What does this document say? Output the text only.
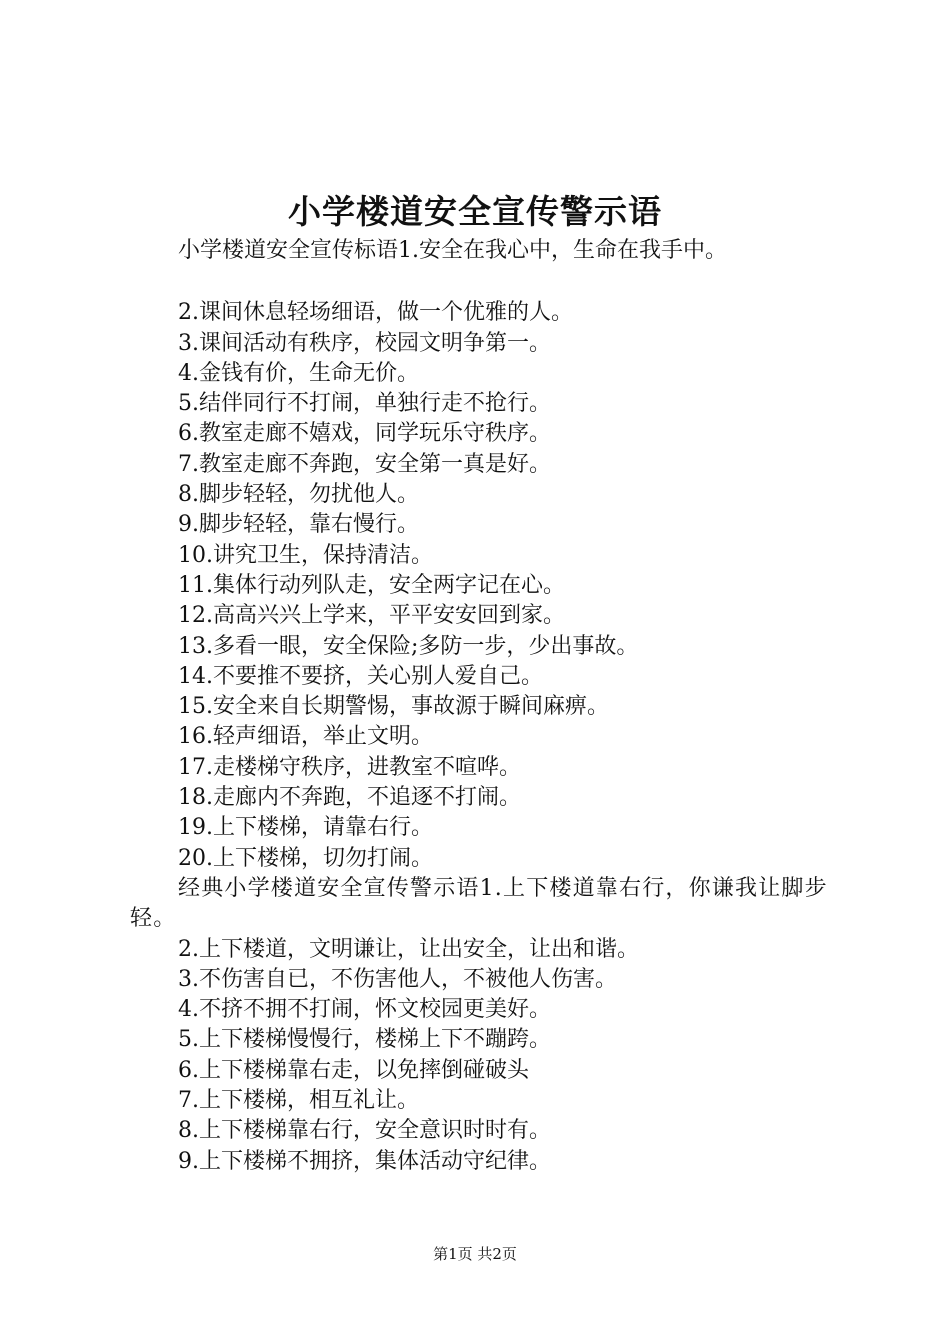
小学楼道安全宣传警示语
小学楼道安全宣传标语1.安全在我心中，生命在我手中。
2.课间休息轻场细语，做一个优雅的人。
3.课间活动有秩序，校园文明争第一。
4.金钱有价，生命无价。
5.结伴同行不打闹，单独行走不抢行。
6.教室走廊不嬉戏，同学玩乐守秩序。
7.教室走廊不奔跑，安全第一真是好。
8.脚步轻轻，勿扰他人。
9.脚步轻轻，靠右慢行。
10.讲究卫生，保持清洁。
11.集体行动列队走，安全两字记在心。
12.高高兴兴上学来，平平安安回到家。
13.多看一眼，安全保险;多防一步，少出事故。
14.不要推不要挤，关心别人爱自己。
15.安全来自长期警惕，事故源于瞬间麻痹。
16.轻声细语，举止文明。
17.走楼梯守秩序，进教室不喧哗。
18.走廊内不奔跑，不追逐不打闹。
19.上下楼梯，请靠右行。
20.上下楼梯，切勿打闹。
经典小学楼道安全宣传警示语1.上下楼道靠右行，你谦我让脚步轻。
2.上下楼道，文明谦让，让出安全，让出和谐。
3.不伤害自已，不伤害他人，不被他人伤害。
4.不挤不拥不打闹，怀文校园更美好。
5.上下楼梯慢慢行，楼梯上下不蹦跨。
6.上下楼梯靠右走，以免摔倒碰破头
7.上下楼梯，相互礼让。
8.上下楼梯靠右行，安全意识时时有。
9.上下楼梯不拥挤，集体活动守纪律。
第1页 共2页
